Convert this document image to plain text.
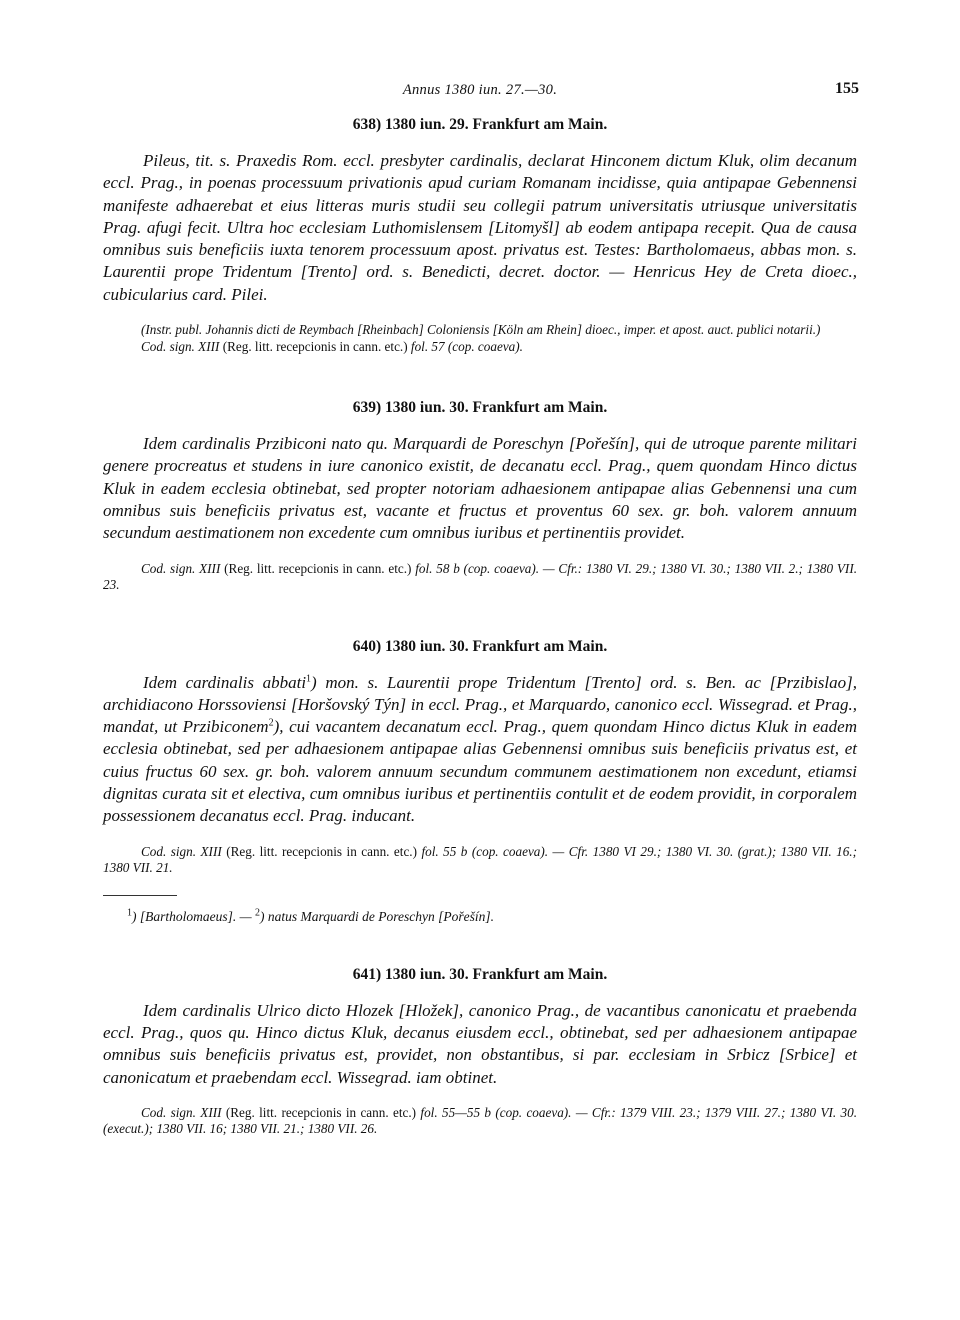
Annus 1380 iun. 27.—30.	155
638) 1380 iun. 29. Frankfurt am Main.

Pileus, tit. s. Praxedis Rom. eccl. presbyter cardinalis, declarat Hinconem dictum Kluk, olim decanum eccl. Prag., in poenas processuum privationis apud curiam Romanam incidisse, quia antipapae Gebennensi manifeste adhaerebat et eius litteras muris studii seu collegii patrum universitatis utriusque universitatis Prag. afugi fecit. Ultra hoc ecclesiam Luthomislensem [Litomyšl] ab eodem antipapa recepit. Qua de causa omnibus suis beneficiis iuxta tenorem processuum apost. privatus est. Testes: Bartholomaeus, abbas mon. s. Laurentii prope Tridentum [Trento] ord. s. Benedicti, decret. doctor. — Henricus Hey de Creta dioec., cubicularius card. Pilei.

(Instr. publ. Johannis dicti de Reymbach [Rheinbach] Coloniensis [Köln am Rhein] dioec., imper. et apost. auct. publici notarii.)

Cod. sign. XIII (Reg. litt. recepcionis in cann. etc.) fol. 57 (cop. coaeva).

639) 1380 iun. 30. Frankfurt am Main.

Idem cardinalis Przibiconi nato qu. Marquardi de Poreschyn [Pořešín], qui de utroque parente militari genere procreatus et studens in iure canonico existit, de decanatu eccl. Prag., quem quondam Hinco dictus Kluk in eadem ecclesia obtinebat, sed propter notoriam adhaesionem antipapae alias Gebennensi una cum omnibus suis beneficiis privatus est, vacante et fructus et proventus 60 sex. gr. boh. valorem annuum secundum aestimationem non excedente cum omnibus iuribus et pertinentiis providet.

Cod. sign. XIII (Reg. litt. recepcionis in cann. etc.) fol. 58 b (cop. coaeva). — Cfr.: 1380 VI. 29.; 1380 VI. 30.; 1380 VII. 2.; 1380 VII. 23.

640) 1380 iun. 30. Frankfurt am Main.

Idem cardinalis abbati$^1$) mon. s. Laurentii prope Tridentum [Trento] ord. s. Ben. ac [Przibislao], archidiacono Horssoviensi [Horšovský Týn] in eccl. Prag., et Marquardo, canonico eccl. Wissegrad. et Prag., mandat, ut Przibiconem$^2$), cui vacantem decanatum eccl. Prag., quem quondam Hinco dictus Kluk in eadem ecclesia obtinebat, sed per adhaesionem antipapae alias Gebennensi omnibus suis beneficiis privatus est, et cuius fructus 60 sex. gr. boh. valorem annuum secundum communem aestimationem non excedunt, etiamsi dignitas curata sit et electiva, cum omnibus iuribus et pertinentiis contulit et de eodem providit, in corporalem possessionem decanatus eccl. Prag. inducant.

Cod. sign. XIII (Reg. litt. recepcionis in cann. etc.) fol. 55 b (cop. coaeva). — Cfr. 1380 VI 29.; 1380 VI. 30. (grat.); 1380 VII. 16.; 1380 VII. 21.

$^1$) [Bartholomaeus]. — $^2$) natus Marquardi de Poreschyn [Pořešín].
641) 1380 iun. 30. Frankfurt am Main.

Idem cardinalis Ulrico dicto Hlozek [Hložek], canonico Prag., de vacantibus canonicatu et praebenda eccl. Prag., quos qu. Hinco dictus Kluk, decanus eiusdem eccl., obtinebat, sed per adhaesionem antipapae omnibus suis beneficiis privatus est, providet, non obstantibus, si par. ecclesiam in Srbicz [Srbice] et canonicatum et praebendam eccl. Wissegrad. iam obtinet.

Cod. sign. XIII (Reg. litt. recepcionis in cann. etc.) fol. 55—55 b (cop. coaeva). — Cfr.: 1379 VIII. 23.; 1379 VIII. 27.; 1380 VI. 30. (execut.); 1380 VII. 16; 1380 VII. 21.; 1380 VII. 26.
